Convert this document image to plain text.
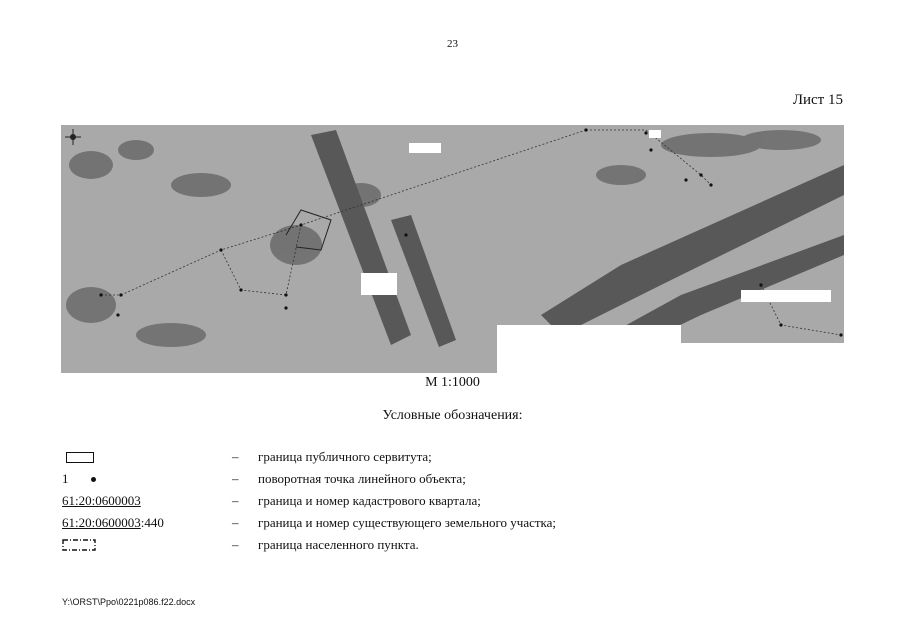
23
Лист 15
М 1:1000
Условные обозначения:
– граница публичного сервитута;
1	– поворотная точка линейного объекта;
61:20:0600003	– граница и номер кадастрового квартала;
61:20:0600003 :440	– граница и номер существующего земельного участка;
– граница населенного пункта.
Y:\ORST\Ppo\0221p086.f22.docx
